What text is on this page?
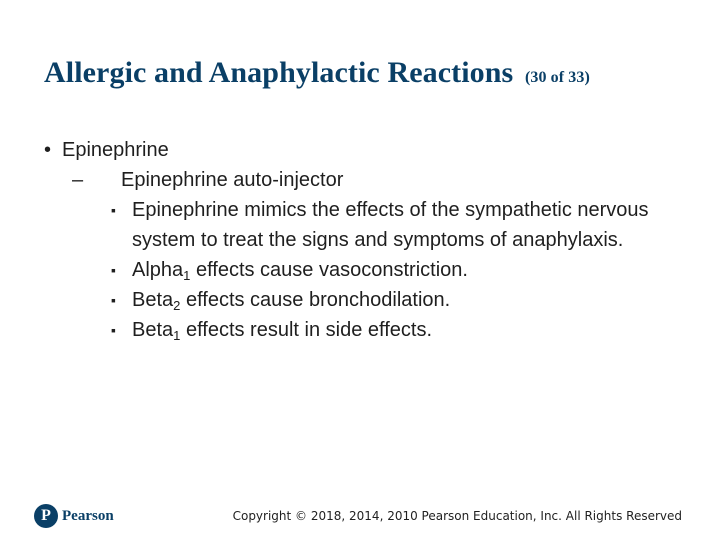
Allergic and Anaphylactic Reactions (30 of 33)
• Epinephrine
– Epinephrine auto-injector
▪ Epinephrine mimics the effects of the sympathetic nervous system to treat the signs and symptoms of anaphylaxis.
▪ Alpha$_1$ effects cause vasoconstriction.
▪ Beta$_2$ effects cause bronchodilation.
▪ Beta$_1$ effects result in side effects.
P Pearson	Copyright © 2018, 2014, 2010 Pearson Education, Inc. All Rights Reserved
